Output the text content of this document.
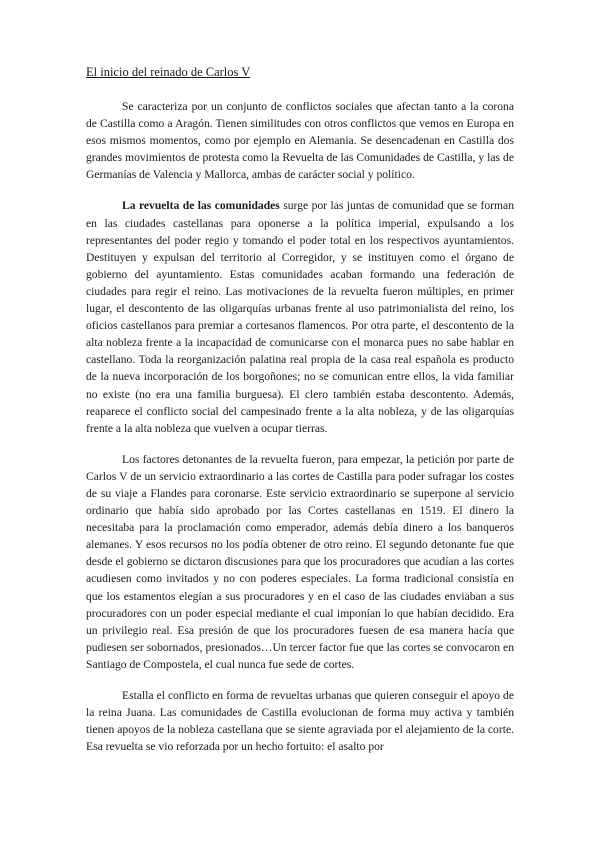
El inicio del reinado de Carlos V

Se caracteriza por un conjunto de conflictos sociales que afectan tanto a la corona de Castilla como a Aragón. Tienen similitudes con otros conflictos que vemos en Europa en esos mismos momentos, como por ejemplo en Alemania. Se desencadenan en Castilla dos grandes movimientos de protesta como la Revuelta de las Comunidades de Castilla, y las de Germanías de Valencia y Mallorca, ambas de carácter social y político.

La revuelta de las comunidades surge por las juntas de comunidad que se forman en las ciudades castellanas para oponerse a la política imperial, expulsando a los representantes del poder regio y tomando el poder total en los respectivos ayuntamientos. Destituyen y expulsan del territorio al Corregidor, y se instituyen como el órgano de gobierno del ayuntamiento. Estas comunidades acaban formando una federación de ciudades para regir el reino. Las motivaciones de la revuelta fueron múltiples, en primer lugar, el descontento de las oligarquías urbanas frente al uso patrimonialista del reino, los oficios castellanos para premiar a cortesanos flamencos. Por otra parte, el descontento de la alta nobleza frente a la incapacidad de comunicarse con el monarca pues no sabe hablar en castellano. Toda la reorganización palatina real propia de la casa real española es producto de la nueva incorporación de los borgoñones; no se comunican entre ellos, la vida familiar no existe (no era una familia burguesa). El clero también estaba descontento. Además, reaparece el conflicto social del campesinado frente a la alta nobleza, y de las oligarquías frente a la alta nobleza que vuelven a ocupar tierras.

Los factores detonantes de la revuelta fueron, para empezar, la petición por parte de Carlos V de un servicio extraordinario a las cortes de Castilla para poder sufragar los costes de su viaje a Flandes para coronarse. Este servicio extraordinario se superpone al servicio ordinario que había sido aprobado por las Cortes castellanas en 1519. El dinero la necesitaba para la proclamación como emperador, además debía dinero a los banqueros alemanes. Y esos recursos no los podía obtener de otro reino. El segundo detonante fue que desde el gobierno se dictaron discusiones para que los procuradores que acudían a las cortes acudiesen como invitados y no con poderes especiales. La forma tradicional consistía en que los estamentos elegían a sus procuradores y en el caso de las ciudades enviaban a sus procuradores con un poder especial mediante el cual imponían lo que habían decidido. Era un privilegio real. Esa presión de que los procuradores fuesen de esa manera hacía que pudiesen ser sobornados, presionados…Un tercer factor fue que las cortes se convocaron en Santiago de Compostela, el cual nunca fue sede de cortes.

Estalla el conflicto en forma de revueltas urbanas que quieren conseguir el apoyo de la reina Juana. Las comunidades de Castilla evolucionan de forma muy activa y también tienen apoyos de la nobleza castellana que se siente agraviada por el alejamiento de la corte. Esa revuelta se vio reforzada por un hecho fortuito: el asalto por
